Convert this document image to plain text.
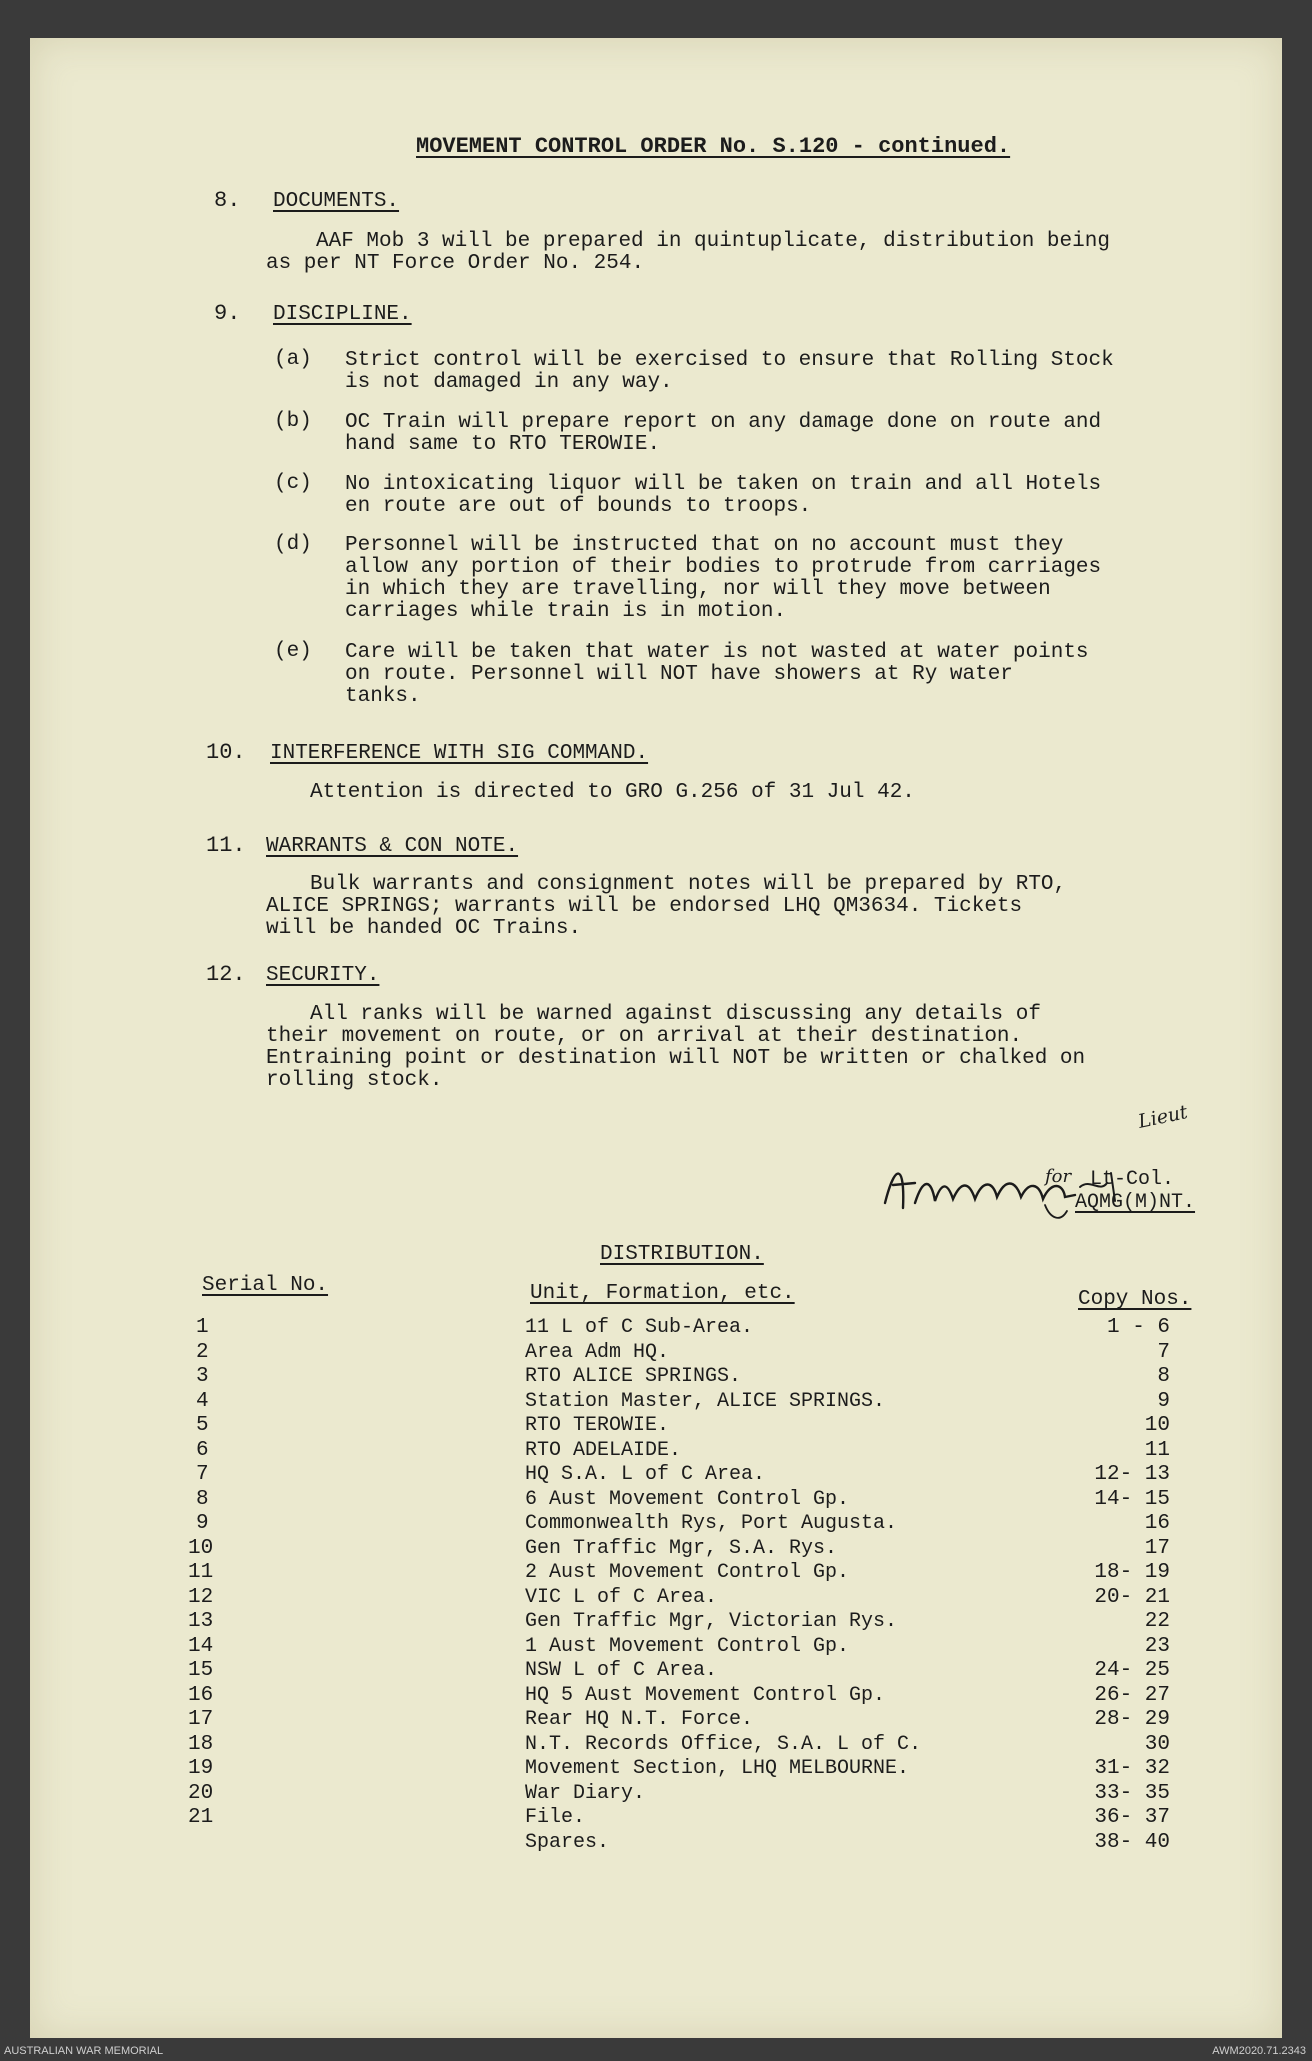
MOVEMENT CONTROL ORDER No. S.120 - continued.
8. DOCUMENTS.
AAF Mob 3 will be prepared in quintuplicate, distribution being
as per NT Force Order No. 254.
9. DISCIPLINE.
(a) Strict control will be exercised to ensure that Rolling Stock
is not damaged in any way.
(b) OC Train will prepare report on any damage done on route and
hand same to RTO TEROWIE.
(c) No intoxicating liquor will be taken on train and all Hotels
en route are out of bounds to troops.
(d) Personnel will be instructed that on no account must they
allow any portion of their bodies to protrude from carriages
in which they are travelling, nor will they move between
carriages while train is in motion.
(e) Care will be taken that water is not wasted at water points
on route. Personnel will NOT have showers at Ry water
tanks.
10. INTERFERENCE WITH SIG COMMAND.
Attention is directed to GRO G.256 of 31 Jul 42.
11. WARRANTS & CON NOTE.
Bulk warrants and consignment notes will be prepared by RTO,
ALICE SPRINGS; warrants will be endorsed LHQ QM3634. Tickets
will be handed OC Trains.
12. SECURITY.
All ranks will be warned against discussing any details of
their movement on route, or on arrival at their destination.
Entraining point or destination will NOT be written or chalked on
rolling stock.
Lieut
for Lt-Col.
AQMG(M)NT.
DISTRIBUTION.
Serial No.	Unit, Formation, etc.	Copy Nos.
1	11 L of C Sub-Area.	1 - 6
2	Area Adm HQ.	7
3	RTO ALICE SPRINGS.	8
4	Station Master, ALICE SPRINGS.	9
5	RTO TEROWIE.	10
6	RTO ADELAIDE.	11
7	HQ S.A. L of C Area.	12- 13
8	6 Aust Movement Control Gp.	14- 15
9	Commonwealth Rys, Port Augusta.	16
10	Gen Traffic Mgr, S.A. Rys.	17
11	2 Aust Movement Control Gp.	18- 19
12	VIC L of C Area.	20- 21
13	Gen Traffic Mgr, Victorian Rys.	22
14	1 Aust Movement Control Gp.	23
15	NSW L of C Area.	24- 25
16	HQ 5 Aust Movement Control Gp.	26- 27
17	Rear HQ N.T. Force.	28- 29
18	N.T. Records Office, S.A. L of C.	30
19	Movement Section, LHQ MELBOURNE.	31- 32
20	War Diary.	33- 35
21	File.	36- 37
Spares.	38- 40
AUSTRALIAN WAR MEMORIAL	AWM2020.71.2343
